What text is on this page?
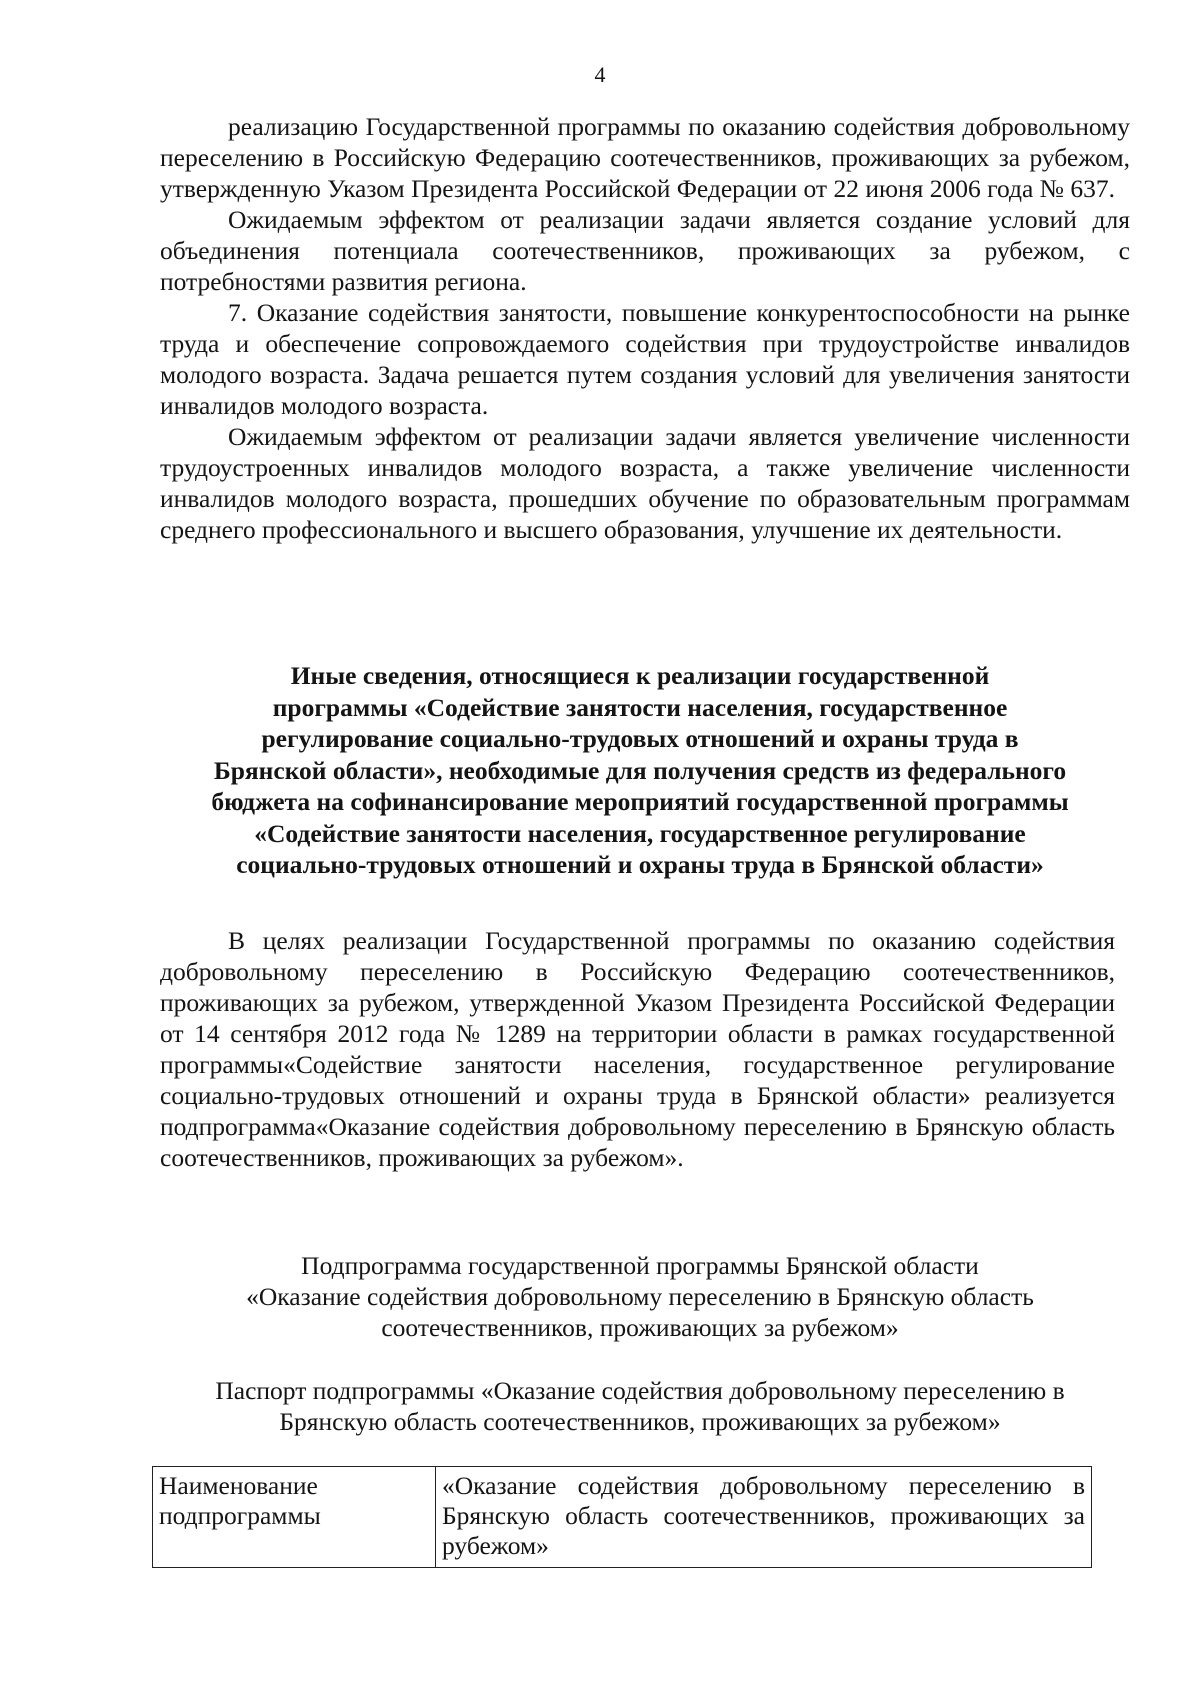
4

реализацию Государственной программы по оказанию содействия добровольному переселению в Российскую Федерацию соотечественников, проживающих за рубежом, утвержденную Указом Президента Российской Федерации от 22 июня 2006 года № 637.

Ожидаемым эффектом от реализации задачи является создание условий для объединения потенциала соотечественников, проживающих за рубежом, с потребностями развития региона.

7. Оказание содействия занятости, повышение конкурентоспособности на рынке труда и обеспечение сопровождаемого содействия при трудоустройстве инвалидов молодого возраста. Задача решается путем создания условий для увеличения занятости инвалидов молодого возраста.

Ожидаемым эффектом от реализации задачи является увеличение численности трудоустроенных инвалидов молодого возраста, а также увеличение численности инвалидов молодого возраста, прошедших обучение по образовательным программам среднего профессионального и высшего образования, улучшение их деятельности.

Иные сведения, относящиеся к реализации государственной
программы «Содействие занятости населения, государственное
регулирование социально-трудовых отношений и охраны труда в
Брянской области», необходимые для получения средств из федерального
бюджета на софинансирование мероприятий государственной программы
«Содействие занятости населения, государственное регулирование
социально-трудовых отношений и охраны труда в Брянской области»

В целях реализации Государственной программы по оказанию содействия добровольному переселению в Российскую Федерацию соотечественников, проживающих за рубежом, утвержденной Указом Президента Российской Федерации от 14 сентября 2012 года № 1289 на территории области в рамках государственной программы«Содействие занятости населения, государственное регулирование социально-трудовых отношений и охраны труда в Брянской области» реализуется подпрограмма«Оказание содействия добровольному переселению в Брянскую область соотечественников, проживающих за рубежом».

Подпрограмма государственной программы Брянской области
«Оказание содействия добровольному переселению в Брянскую область
соотечественников, проживающих за рубежом»
Паспорт подпрограммы «Оказание содействия добровольному переселению в
Брянскую область соотечественников, проживающих за рубежом»
Наименование подпрограммы	«Оказание содействия добровольному переселению в Брянскую область соотечественников, проживающих за рубежом»
